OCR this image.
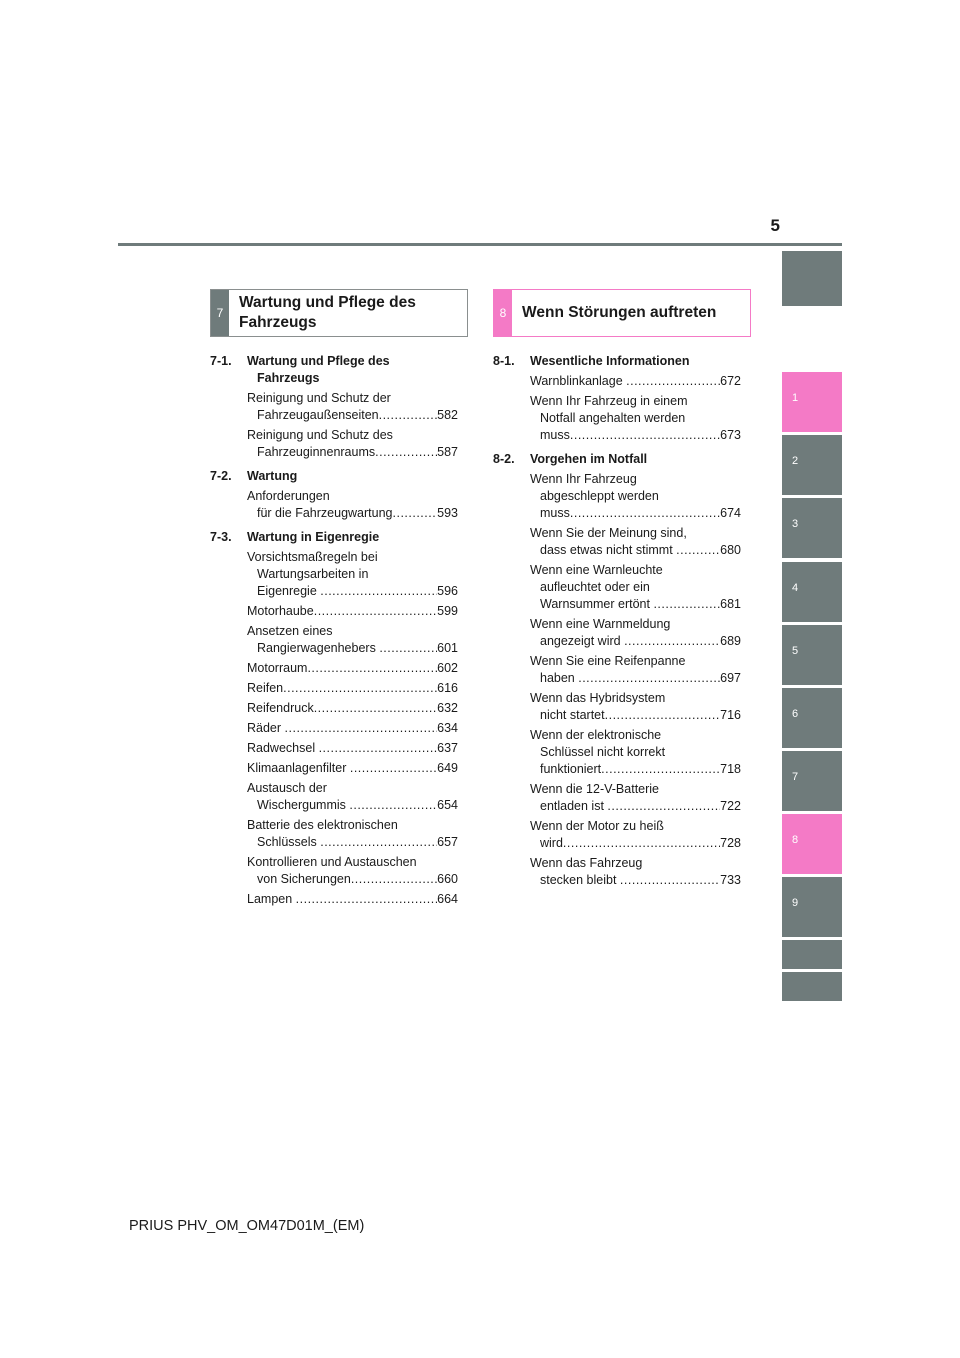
5
1
2
3
4
5
6
7
8
9
7
Wartung und Pflege des
Fahrzeugs
8	Wenn Störungen auftreten
7-1.	Wartung und Pflege des
Fahrzeugs
Reinigung und Schutz der
Fahrzeugaußenseiten .....	582
Reinigung und Schutz des
Fahrzeuginnenraums .....	587
7-2.	Wartung
Anforderungen
für die Fahrzeugwartung .....	593
7-3.	Wartung in Eigenregie
Vorsichtsmaßregeln bei
Wartungsarbeiten in
Eigenregie .....	596
Motorhaube .....	599
Ansetzen eines
Rangierwagenhebers .....	601
Motorraum .....	602
Reifen .....	616
Reifendruck .....	632
Räder .....	634
Radwechsel .....	637
Klimaanlagenfilter .....	649
Austausch der
Wischergummis .....	654
Batterie des elektronischen
Schlüssels .....	657
Kontrollieren und Austauschen
von Sicherungen .....	660
Lampen .....	664
8-1.	Wesentliche Informationen
Warnblinkanlage .....	672
Wenn Ihr Fahrzeug in einem
Notfall angehalten werden
muss .....	673
8-2.	Vorgehen im Notfall
Wenn Ihr Fahrzeug
abgeschleppt werden
muss .....	674
Wenn Sie der Meinung sind,
dass etwas nicht stimmt .....	680
Wenn eine Warnleuchte
aufleuchtet oder ein
Warnsummer ertönt .....	681
Wenn eine Warnmeldung
angezeigt wird .....	689
Wenn Sie eine Reifenpanne
haben .....	697
Wenn das Hybridsystem
nicht startet .....	716
Wenn der elektronische
Schlüssel nicht korrekt
funktioniert .....	718
Wenn die 12-V-Batterie
entladen ist .....	722
Wenn der Motor zu heiß
wird .....	728
Wenn das Fahrzeug
stecken bleibt .....	733
PRIUS PHV_OM_OM47D01M_(EM)
